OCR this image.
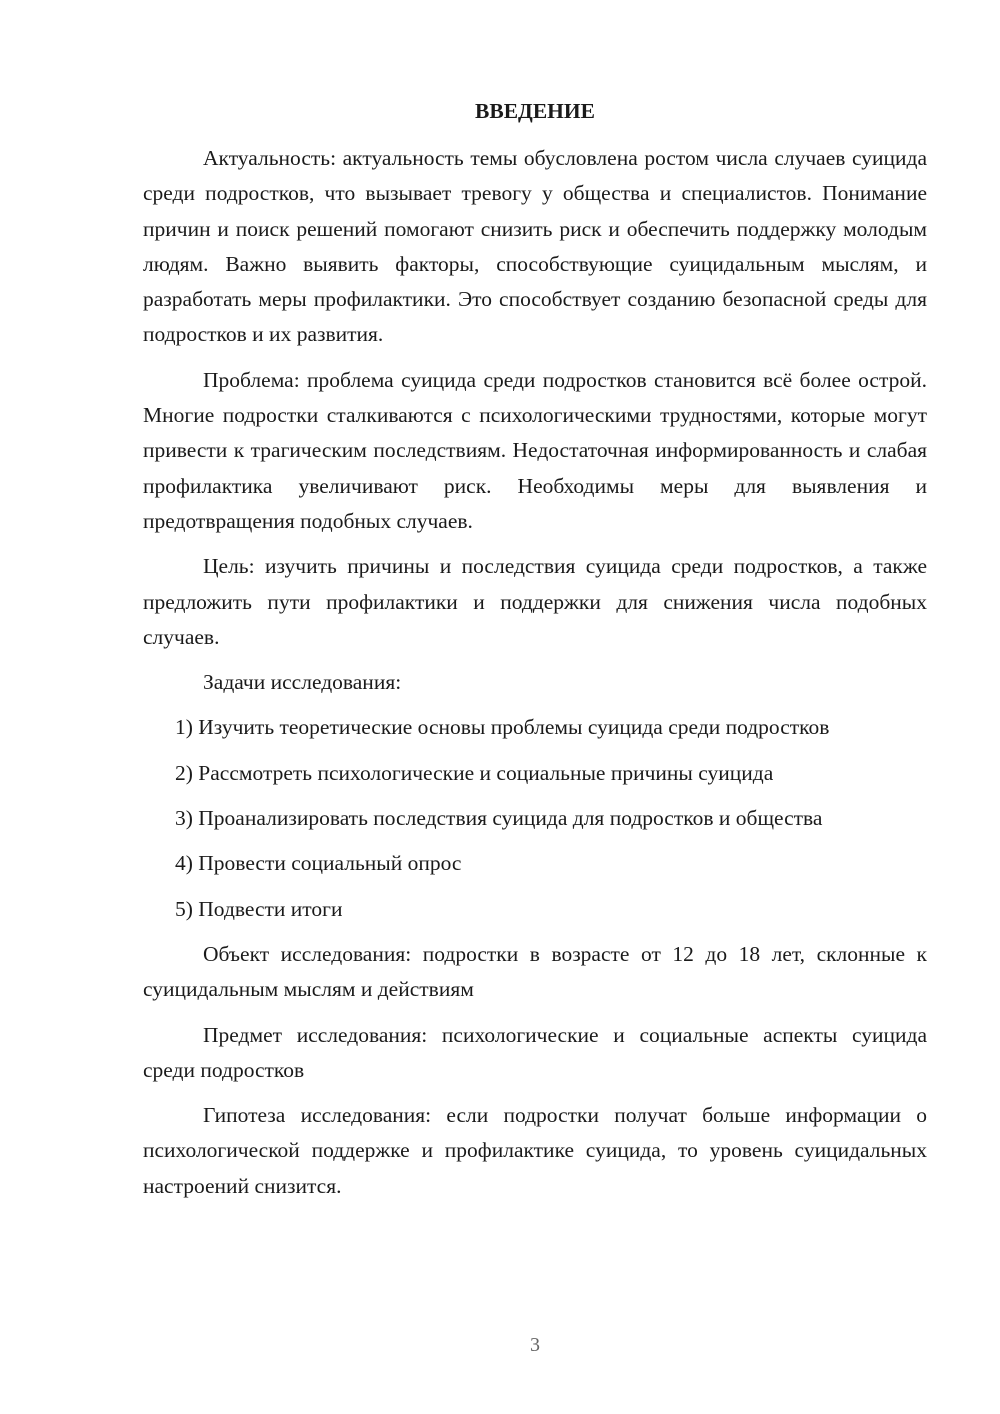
ВВЕДЕНИЕ

Актуальность: актуальность темы обусловлена ростом числа случаев суицида среди подростков, что вызывает тревогу у общества и специалистов. Понимание причин и поиск решений помогают снизить риск и обеспечить поддержку молодым людям. Важно выявить факторы, способствующие суицидальным мыслям, и разработать меры профилактики. Это способствует созданию безопасной среды для подростков и их развития.

Проблема: проблема суицида среди подростков становится всё более острой. Многие подростки сталкиваются с психологическими трудностями, которые могут привести к трагическим последствиям. Недостаточная информированность и слабая профилактика увеличивают риск. Необходимы меры для выявления и предотвращения подобных случаев.

Цель: изучить причины и последствия суицида среди подростков, а также предложить пути профилактики и поддержки для снижения числа подобных случаев.

Задачи исследования:

1) Изучить теоретические основы проблемы суицида среди подростков

2) Рассмотреть психологические и социальные причины суицида

3) Проанализировать последствия суицида для подростков и общества

4) Провести социальный опрос

5) Подвести итоги

Объект исследования: подростки в возрасте от 12 до 18 лет, склонные к суицидальным мыслям и действиям

Предмет исследования: психологические и социальные аспекты суицида среди подростков

Гипотеза исследования: если подростки получат больше информации о психологической поддержке и профилактике суицида, то уровень суицидальных настроений снизится.

3
